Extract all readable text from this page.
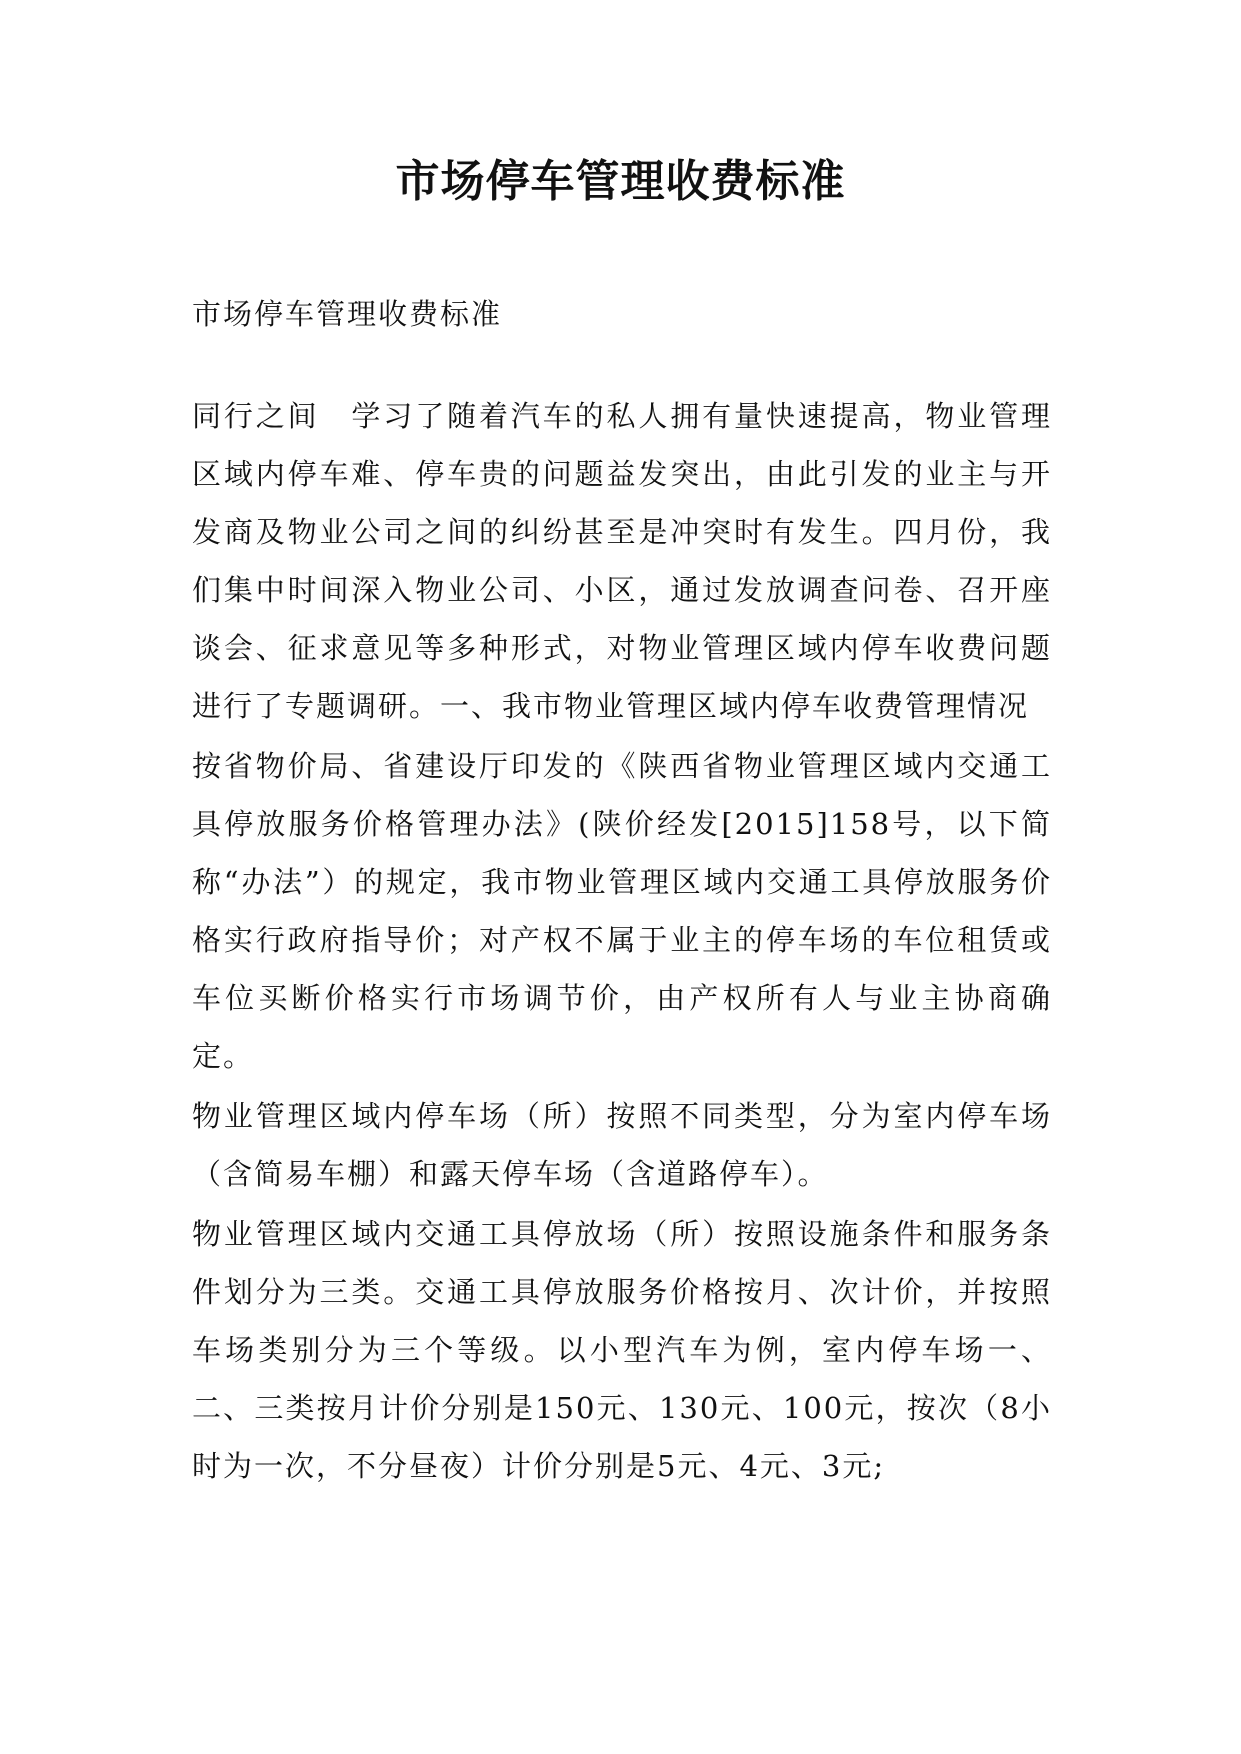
市场停车管理收费标准

市场停车管理收费标准

同行之间　学习了随着汽车的私人拥有量快速提高，物业管理区域内停车难、停车贵的问题益发突出，由此引发的业主与开发商及物业公司之间的纠纷甚至是冲突时有发生。四月份，我们集中时间深入物业公司、小区，通过发放调查问卷、召开座谈会、征求意见等多种形式，对物业管理区域内停车收费问题进行了专题调研。一、我市物业管理区域内停车收费管理情况

按省物价局、省建设厅印发的《陕西省物业管理区域内交通工具停放服务价格管理办法》(陕价经发[2015]158号，以下简称“办法”）的规定，我市物业管理区域内交通工具停放服务价格实行政府指导价；对产权不属于业主的停车场的车位租赁或车位买断价格实行市场调节价，由产权所有人与业主协商确定。

物业管理区域内停车场（所）按照不同类型，分为室内停车场（含简易车棚）和露天停车场（含道路停车）。

物业管理区域内交通工具停放场（所）按照设施条件和服务条件划分为三类。交通工具停放服务价格按月、次计价，并按照车场类别分为三个等级。以小型汽车为例，室内停车场一、二、三类按月计价分别是150元、130元、100元，按次（8小时为一次，不分昼夜）计价分别是5元、4元、3元;
